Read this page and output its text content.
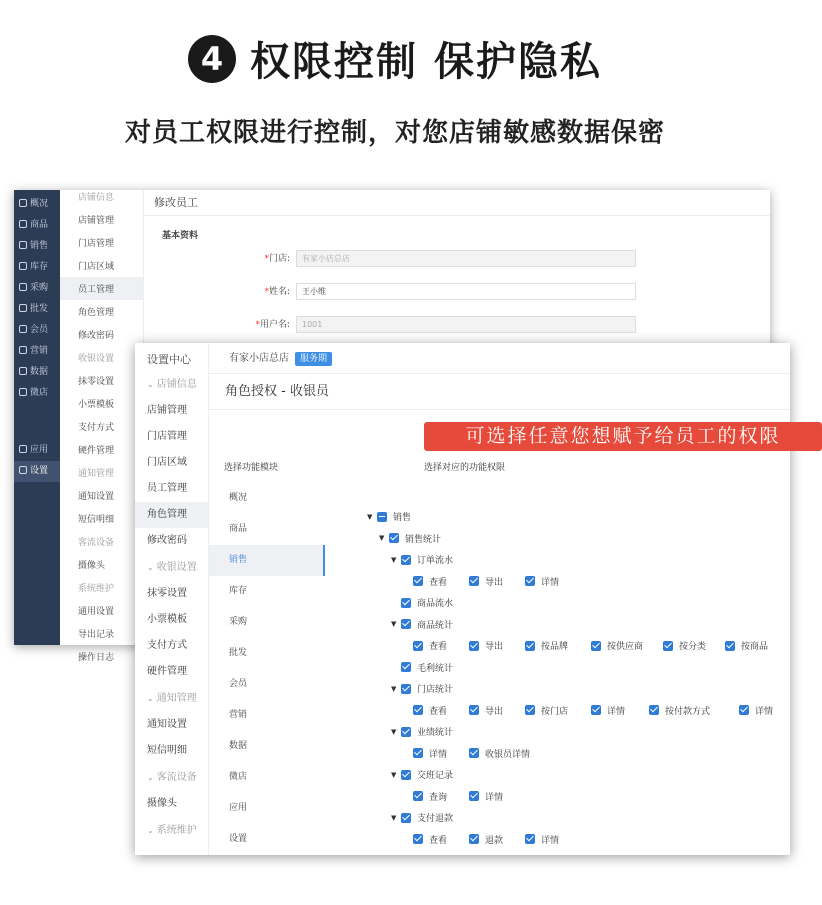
4 权限控制 保护隐私
对员工权限进行控制，对您店铺敏感数据保密
概况
商品
销售
库存
采购
批发
会员
营销
数据
微店
应用
设置
店铺信息
店铺管理
门店管理
门店区域
员工管理
角色管理
修改密码
收银设置
抹零设置
小票模板
支付方式
硬件管理
通知管理
通知设置
短信明细
客流设备
摄像头
系统维护
通用设置
导出记录
操作日志
修改员工
基本资料
*门店: 有家小店总店
*姓名: 王小维
*用户名: 1001
设置中心
⌄ 店铺信息
店铺管理
门店管理
门店区域
员工管理
角色管理
修改密码
⌄ 收银设置
抹零设置
小票模板
支付方式
硬件管理
⌄ 通知管理
通知设置
短信明细
⌄ 客流设备
摄像头
⌄ 系统维护
有家小店总店 服务期
角色授权 - 收银员
可选择任意您想赋予给员工的权限
选择功能模块	选择对应的功能权限
概况
商品
销售
库存
采购
批发
会员
营销
数据
微店
应用
设置
▼	销售
▼	销售统计
▼	订单流水
查看	导出	详情
商品流水
▼	商品统计
查看	导出	按品牌	按供应商	按分类	按商品
毛利统计
▼	门店统计
查看	导出	按门店	详情	按付款方式	详情
▼	业绩统计
详情	收银员详情
▼	交班记录
查询	详情
▼	支付退款
查看	退款	详情
